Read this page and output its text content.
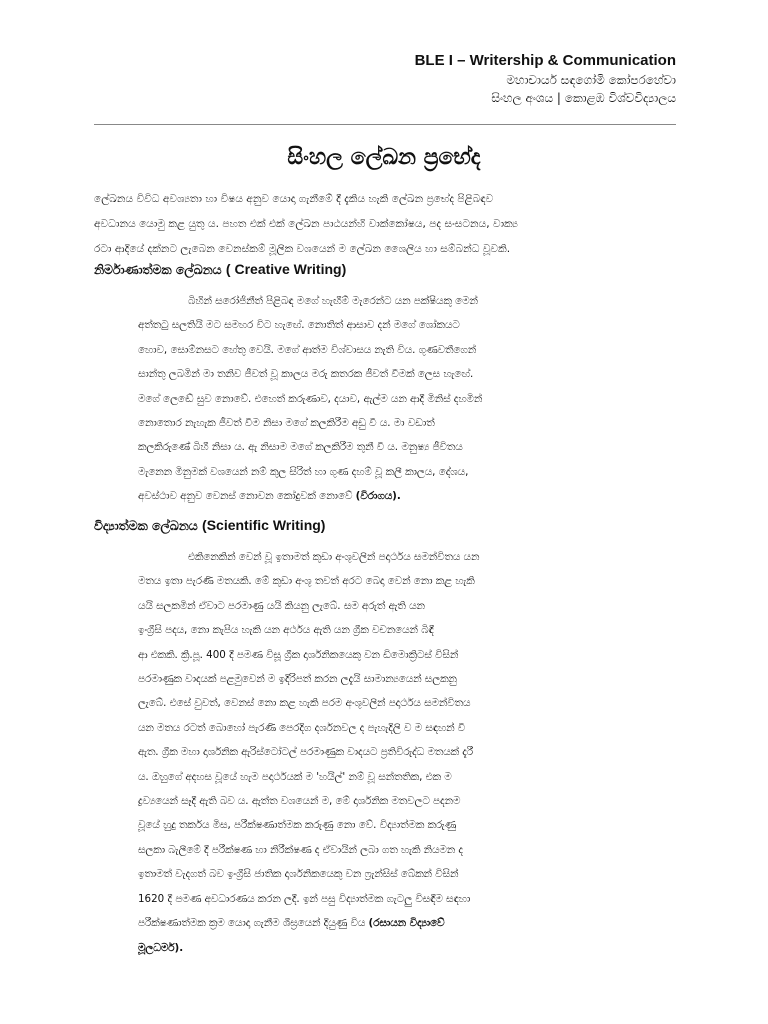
BLE I – Writership & Communication
මහාචාර්ය සඳගෝමි කෝපරහේවා
සිංහල අංශය | කොළඹ විශ්වවිද්‍යාලය
සිංහල ලේඛන ප්‍රභේද
ලේඛනය විවිධ අවශ්‍යතා හා විෂය අනුව යොදා ගැනීමේ දී දැකිය හැකි ලේඛන ප්‍රභේද පිළිබඳව
අවධානය යොමු කළ යුතු ය. පහත එක් එක් ලේඛන පාඨයන්හි වාක්කෝෂය, පද සංසටනය, වාක්‍ය
රටා ආදියේ දක්නට ලැබෙන වෙනස්කම් මූලික වශයෙන් ම ලේඛන ශෛලිය හා සම්බන්ධ වූවකි.
නිර්මාණාත්මක ලේඛනය ( Creative Writing)
බිහින් සරෝජිනීත් පිළිබඳ මගේ හැඟීම් මැරෙන්ට යන පක්ෂියකු මෙන්
අත්තටු සලතියි මට සමහර විට හැඟේ. නොතිත් ආසාව දන් මගේ ශෝකයට
හොව, සොම්නසට හේතු වෙයි. මගේ ආත්ම විශ්වාසය නැති විය. ගුණවතීගෙන්
සාන්තු ලබමින් මා තනිව ජීවත් වූ කාලය මරු කතරක ජීවත් වීමක් ලෙස හැඟේ.
මගේ ලෙඬේ සුව නොවේ. එහෙත් කරුණාව, දයාව, ඇල්ම යන ආදී මිනිස් දහමින්
නොතොර නැහැක ජීවත් වීම නිසා මගේ කලකිරීම අඩු වී ය. මා වඩාත්
කලකිරුණේ බිහී නිසා ය. ඇ නිසාම මගේ කලකිරීම තුනී වී ය. මනුෂ්‍ය ජීවිතය
මැනෙන මිනුමක් වශයෙන් නම් කුල සිරිත් හා ගුණ දහම් වූ කලී කාලය, දේශය,
අවස්ථාව අනුව වෙනස් නොවන කෝදුවක් නොවේ (විරාගය).
විද්‍යාත්මක ලේඛනය (Scientific Writing)
එකිනෙකින් වෙන් වූ ඉතාමත් කුඩා අංශුවලින් පදාර්ථය සමන්විතය යන
මතය ඉතා පැරණි මතයකි. මේ කුඩා අංශු තවත් අරට බෙදා වෙන් නො කළ හැකි
යයි සලකමින් ඒවාට පරමාණු යයි කියනු ලැබේ. සම අරුත් ඇති යන
ඉංග්‍රීසි පදය, නො කැපිය හැකි යන අර්ථය ඇති යන ග්‍රීක වචනයෙන් බිඳී
ආ එකකි. ක්‍රි.පූ. 400 දී පමණ විසූ ග්‍රීක දාර්ශනිකයෙකු වන ඩිමොක්‍රිටස් විසින්
පරමාණුක වාදයක් පළමුවෙන් ම ඉදිරිපත් කරන ලදැයි සාමාන්‍යයෙන් සලකනු
ලැබේ. එසේ වුවත්, වෙනස් නො කළ හැකි පරම අංශුවලින් පදාර්ථය සමන්විතය
යන මතය රටත් බොහෝ පැරණි පෙරදිග දර්ශනවල ද පැහැදිලි ව ම සඳහන් වී
ඇත. ග්‍රීක මහා දාර්ශනික ඇරිස්ටෝටල් පරමාණුක වාදයට ප්‍රතිවිරුද්ධ මතයක් දැරී
ය. ඔහුගේ අදහස වූයේ හැම පදාර්ථයක් ම 'හයිල්' නම් වූ සන්තතික, එක ම
ද්‍රව්‍යයෙන් සෑදී ඇති බව ය. ඇත්ත වශයෙන් ම, මේ දාර්ශනික මතවලට පදනම
වූයේ හුදු තර්කය මිස, පරීක්ෂණාත්මක කරුණු නො වේ. විද්‍යාත්මක කරුණු
සලකා බැලීමේ දී පරීක්ෂණ හා නිරීක්ෂණ ද ඒවායින් ලබා ගත හැකි නියමන ද
ඉතාමත් වැදගත් බව ඉංග්‍රීසි ජාතික දාර්ශනිකයෙකු වන ෆ්‍රැන්සිස් බේකන් විසින්
1620 දී පමණ අවධාරණය කරන ලදී. ඉන් පසු විද්‍යාත්මක ගැටලු විසඳීම සඳහා
පරීක්ෂණාත්මක ක්‍රම යොදා ගැනීම ශීඝ්‍රයෙන් දියුණු විය (රසායන විද්‍යාවේ
මූලධර්ම).
